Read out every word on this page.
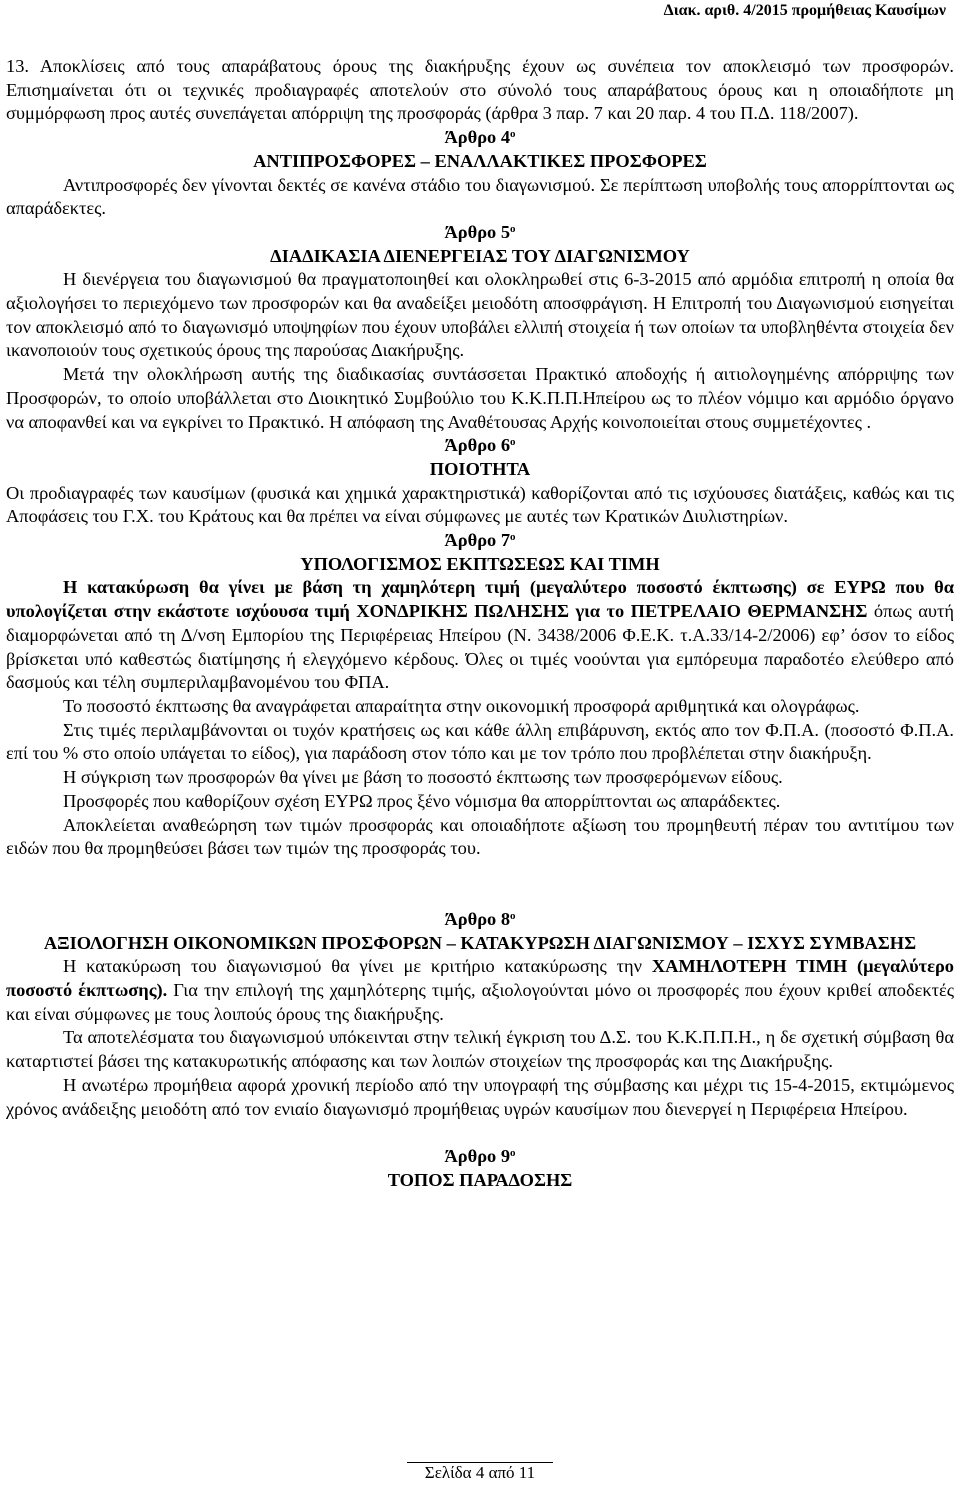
Διακ. αριθ. 4/2015 προμήθειας Καυσίμων

13. Αποκλίσεις από τους απαράβατους όρους της διακήρυξης έχουν ως συνέπεια τον αποκλεισμό των προσφορών. Επισημαίνεται ότι οι τεχνικές προδιαγραφές αποτελούν στο σύνολό τους απαράβατους όρους και η οποιαδήποτε μη συμμόρφωση προς αυτές συνεπάγεται απόρριψη της προσφοράς (άρθρα 3 παρ. 7 και 20 παρ. 4 του Π.Δ. 118/2007).

Άρθρο $4^o$
ΑΝΤΙΠΡΟΣΦΟΡΕΣ – ΕΝΑΛΛΑΚΤΙΚΕΣ ΠΡΟΣΦΟΡΕΣ

Αντιπροσφορές δεν γίνονται δεκτές σε κανένα στάδιο του διαγωνισμού. Σε περίπτωση υποβολής τους απορρίπτονται ως απαράδεκτες.

Άρθρο $5^o$
ΔΙΑΔΙΚΑΣΙΑ ΔΙΕΝΕΡΓΕΙΑΣ ΤΟΥ ΔΙΑΓΩΝΙΣΜΟΥ

Η διενέργεια του διαγωνισμού θα πραγματοποιηθεί και ολοκληρωθεί στις 6-3-2015 από αρμόδια επιτροπή η οποία θα αξιολογήσει το περιεχόμενο των προσφορών και θα αναδείξει μειοδότη αποσφράγιση. Η Επιτροπή του Διαγωνισμού εισηγείται τον αποκλεισμό από το διαγωνισμό υποψηφίων που έχουν υποβάλει ελλιπή στοιχεία ή των οποίων τα υποβληθέντα στοιχεία δεν ικανοποιούν τους σχετικούς όρους της παρούσας Διακήρυξης.

Μετά την ολοκλήρωση αυτής της διαδικασίας συντάσσεται Πρακτικό αποδοχής ή αιτιολογημένης απόρριψης των Προσφορών, το οποίο υποβάλλεται στο Διοικητικό Συμβούλιο του Κ.Κ.Π.Π.Ηπείρου ως το πλέον νόμιμο και αρμόδιο όργανο να αποφανθεί και να εγκρίνει το Πρακτικό. Η απόφαση της Αναθέτουσας Αρχής κοινοποιείται στους συμμετέχοντες .

Άρθρο $6^o$
ΠΟΙΟΤΗΤΑ

Οι προδιαγραφές των καυσίμων (φυσικά και χημικά χαρακτηριστικά) καθορίζονται από τις ισχύουσες διατάξεις, καθώς και τις Αποφάσεις του Γ.Χ. του Κράτους και θα πρέπει να είναι σύμφωνες με αυτές των Κρατικών Διυλιστηρίων.

Άρθρο $7^o$
ΥΠΟΛΟΓΙΣΜΟΣ ΕΚΠΤΩΣΕΩΣ ΚΑΙ ΤΙΜΗ

Η κατακύρωση θα γίνει με βάση τη χαμηλότερη τιμή (μεγαλύτερο ποσοστό έκπτωσης) σε ΕΥΡΩ που θα υπολογίζεται στην εκάστοτε ισχύουσα τιμή ΧΟΝΔΡΙΚΗΣ ΠΩΛΗΣΗΣ για το ΠΕΤΡΕΛΑΙΟ ΘΕΡΜΑΝΣΗΣ όπως αυτή διαμορφώνεται από τη Δ/νση Εμπορίου της Περιφέρειας Ηπείρου (Ν. 3438/2006 Φ.Ε.Κ. τ.Α.33/14-2/2006) εφ’ όσον το είδος βρίσκεται υπό καθεστώς διατίμησης ή ελεγχόμενο κέρδους. Όλες οι τιμές νοούνται για εμπόρευμα παραδοτέο ελεύθερο από δασμούς και τέλη συμπεριλαμβανομένου του ΦΠΑ.

Το ποσοστό έκπτωσης θα αναγράφεται απαραίτητα στην οικονομική προσφορά αριθμητικά και ολογράφως.

Στις τιμές περιλαμβάνονται οι τυχόν κρατήσεις ως και κάθε άλλη επιβάρυνση, εκτός απο τον Φ.Π.Α. (ποσοστό Φ.Π.Α. επί του % στο οποίο υπάγεται το είδος), για παράδοση στον τόπο και με τον τρόπο που προβλέπεται στην διακήρυξη.

Η σύγκριση των προσφορών θα γίνει με βάση το ποσοστό έκπτωσης των προσφερόμενων είδους.

Προσφορές που καθορίζουν σχέση ΕΥΡΩ προς ξένο νόμισμα θα απορρίπτονται ως απαράδεκτες.

Αποκλείεται αναθεώρηση των τιμών προσφοράς και οποιαδήποτε αξίωση του προμηθευτή πέραν του αντιτίμου των ειδών που θα προμηθεύσει βάσει των τιμών της προσφοράς του.

Άρθρο $8^o$
ΑΞΙΟΛΟΓΗΣΗ ΟΙΚΟΝΟΜΙΚΩΝ ΠΡΟΣΦΟΡΩΝ – ΚΑΤΑΚΥΡΩΣΗ ΔΙΑΓΩΝΙΣΜΟΥ – ΙΣΧΥΣ ΣΥΜΒΑΣΗΣ

Η κατακύρωση του διαγωνισμού θα γίνει με κριτήριο κατακύρωσης την ΧΑΜΗΛΟΤΕΡΗ ΤΙΜΗ (μεγαλύτερο ποσοστό έκπτωσης). Για την επιλογή της χαμηλότερης τιμής, αξιολογούνται μόνο οι προσφορές που έχουν κριθεί αποδεκτές και είναι σύμφωνες με τους λοιπούς όρους της διακήρυξης.

Τα αποτελέσματα του διαγωνισμού υπόκεινται στην τελική έγκριση του Δ.Σ. του Κ.Κ.Π.Π.Η., η δε σχετική σύμβαση θα καταρτιστεί βάσει της κατακυρωτικής απόφασης και των λοιπών στοιχείων της προσφοράς και της Διακήρυξης.

Η ανωτέρω προμήθεια αφορά χρονική περίοδο από την υπογραφή της σύμβασης και μέχρι τις 15-4-2015, εκτιμώμενος χρόνος ανάδειξης μειοδότη από τον ενιαίο διαγωνισμό προμήθειας υγρών καυσίμων που διενεργεί η Περιφέρεια Ηπείρου.

Άρθρο $9^o$
ΤΟΠΟΣ ΠΑΡΑΔΟΣΗΣ
Σελίδα 4 από 11
